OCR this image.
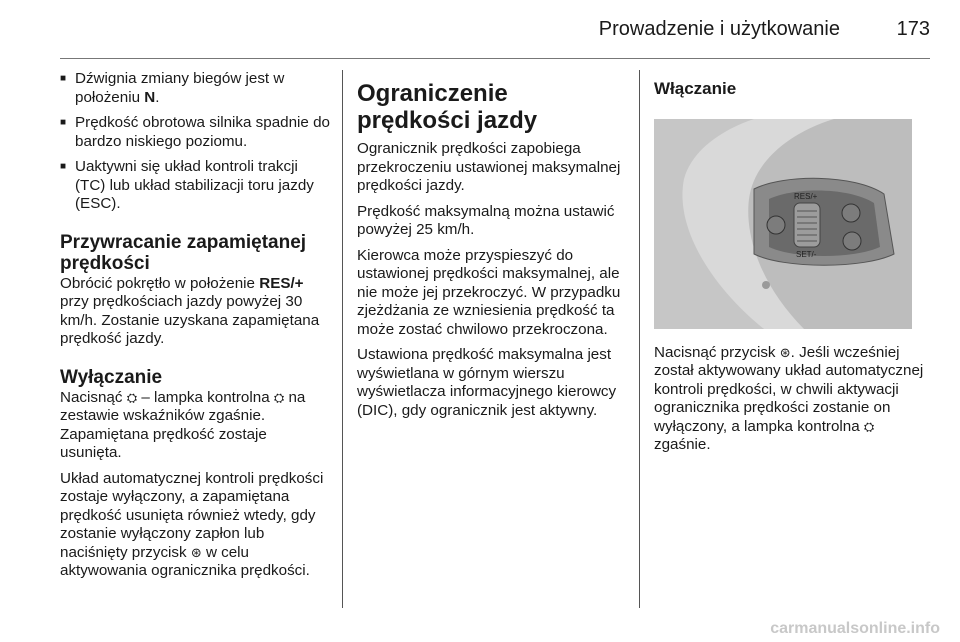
Prowadzenie i użytkowanie	173
■ Dźwignia zmiany biegów jest w położeniu N.
■ Prędkość obrotowa silnika spadnie do bardzo niskiego poziomu.
■ Uaktywni się układ kontroli trakcji (TC) lub układ stabilizacji toru jazdy (ESC).
Przywracanie zapamiętanej prędkości

Obrócić pokrętło w położenie RES/+ przy prędkościach jazdy powyżej 30 km/h. Zostanie uzyskana zapamiętana prędkość jazdy.

Wyłączanie

Nacisnąć ⛭ – lampka kontrolna ⛭ na zestawie wskaźników zgaśnie. Zapamiętana prędkość zostaje usunięta.

Układ automatycznej kontroli prędkości zostaje wyłączony, a zapamiętana prędkość usunięta również wtedy, gdy zostanie wyłączony zapłon lub naciśnięty przycisk ⊛ w celu aktywowania ogranicznika prędkości.

Ograniczenie prędkości jazdy

Ogranicznik prędkości zapobiega przekroczeniu ustawionej maksymalnej prędkości jazdy.

Prędkość maksymalną można ustawić powyżej 25 km/h.

Kierowca może przyspieszyć do ustawionej prędkości maksymalnej, ale nie może jej przekroczyć. W przypadku zjeżdżania ze wzniesienia prędkość ta może zostać chwilowo przekroczona.

Ustawiona prędkość maksymalna jest wyświetlana w górnym wierszu wyświetlacza informacyjnego kierowcy (DIC), gdy ogranicznik jest aktywny.

Włączanie
RES/+
SET/-

Nacisnąć przycisk ⊛. Jeśli wcześniej został aktywowany układ automatycznej kontroli prędkości, w chwili aktywacji ogranicznika prędkości zostanie on wyłączony, a lampka kontrolna ⛭ zgaśnie.

carmanualsonline.info
